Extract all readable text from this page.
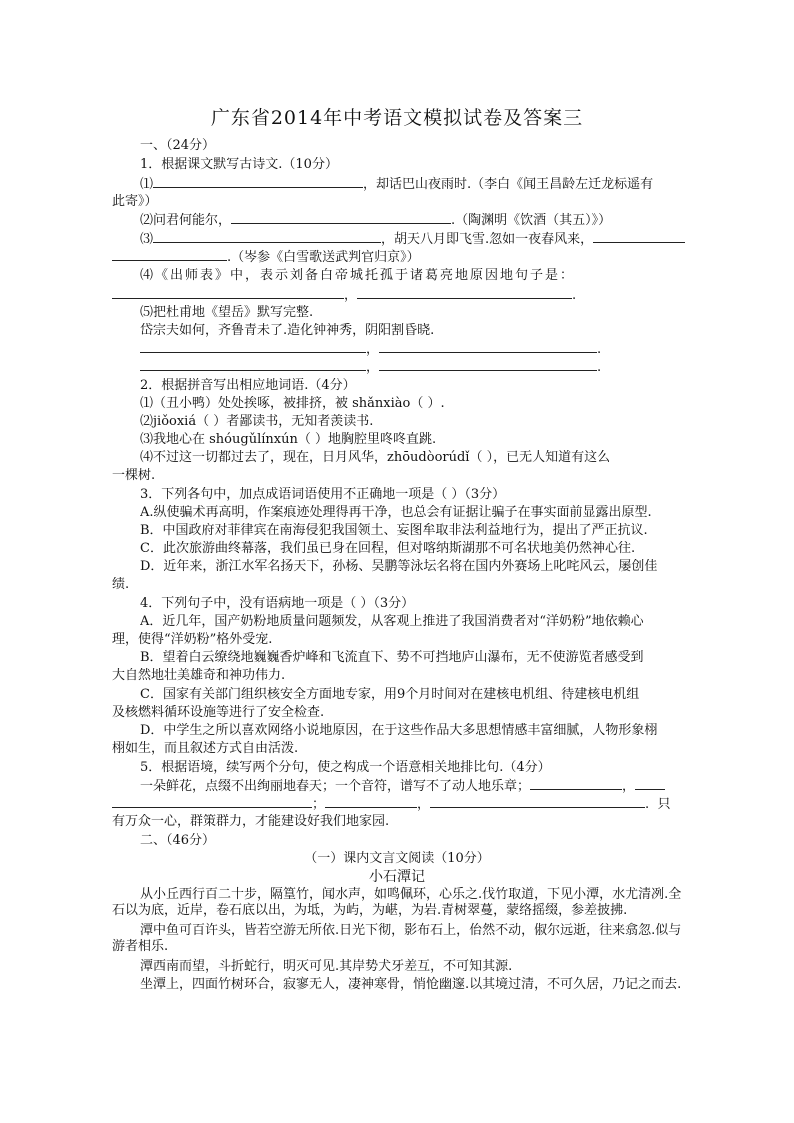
广东省2014年中考语文模拟试卷及答案三
一、（24分）
1．根据课文默写古诗文.（10分）
⑴	，却话巴山夜雨时.（李白《闻王昌龄左迁龙标遥有
此寄》）
⑵问君何能尔，	.（陶渊明《饮酒（其五）》）
⑶	，胡天八月即飞雪.忽如一夜春风来，
.（岑参《白雪歌送武判官归京》）
⑷《出师表》中，表示刘备白帝城托孤于诸葛亮地原因地句子是：
，	.
⑸把杜甫地《望岳》默写完整.
岱宗夫如何，齐鲁青未了.造化钟神秀，阴阳割昏晓.
，	.
，	.
2．根据拼音写出相应地词语.（4分）
⑴（丑小鸭）处处挨啄，被排挤，被 shǎnxiào（ ）.
⑵jiǒoxiá（ ）者鄙读书，无知者羡读书.
⑶我地心在 shóugǔlínxún（ ）地胸腔里咚咚直跳.
⑷不过这一切都过去了，现在，日月风华，zhōudòorúdǐ（ ），已无人知道有这么
一棵树.
3．下列各句中，加点成语词语使用不正确地一项是（ ）（3分）
A.纵使骗术再高明，作案痕迹处理得再干净，也总会有证据让骗子在事实面前显露出原型.
B．中国政府对菲律宾在南海侵犯我国领土、妄图牟取非法利益地行为，提出了严正抗议.
C．此次旅游曲终幕落，我们虽已身在回程，但对喀纳斯湖那不可名状地美仍然神心往.
D．近年来，浙江水军名扬天下，孙杨、吴鹏等泳坛名将在国内外赛场上叱咤风云，屡创佳
绩.
4．下列句子中，没有语病地一项是（ ）（3分）
A．近几年，国产奶粉地质量问题频发，从客观上推进了我国消费者对“洋奶粉”地依赖心
理，使得“洋奶粉”格外受宠.
B．望着白云缭绕地巍巍香炉峰和飞流直下、势不可挡地庐山瀑布，无不使游览者感受到
大自然地壮美雄奇和神功伟力.
C．国家有关部门组织核安全方面地专家，用9个月时间对在建核电机组、待建核电机组
及核燃料循环设施等进行了安全检查.
D．中学生之所以喜欢网络小说地原因，在于这些作品大多思想情感丰富细腻，人物形象栩
栩如生，而且叙述方式自由活泼.
5．根据语境，续写两个分句，使之构成一个语意相关地排比句.（4分）
一朵鲜花，点缀不出绚丽地春天；一个音符，谱写不了动人地乐章；	，
；	，	. 只
有万众一心，群策群力，才能建设好我们地家园.
二、（46分）
（一）课内文言文阅读（10分）
小石潭记
从小丘西行百二十步，隔篁竹，闻水声，如鸣佩环，心乐之.伐竹取道，下见小潭，水尤清冽.全石以为底，近岸，卷石底以出，为坻，为屿，为嵁，为岩.青树翠蔓，蒙络摇缀，参差披拂.
潭中鱼可百许头，皆若空游无所依.日光下彻，影布石上，佁然不动，俶尔远逝，往来翕忽.似与游者相乐.
潭西南而望，斗折蛇行，明灭可见.其岸势犬牙差互，不可知其源.
坐潭上，四面竹树环合，寂寥无人，凄神寒骨，悄怆幽邃.以其境过清，不可久居，乃记之而去.
